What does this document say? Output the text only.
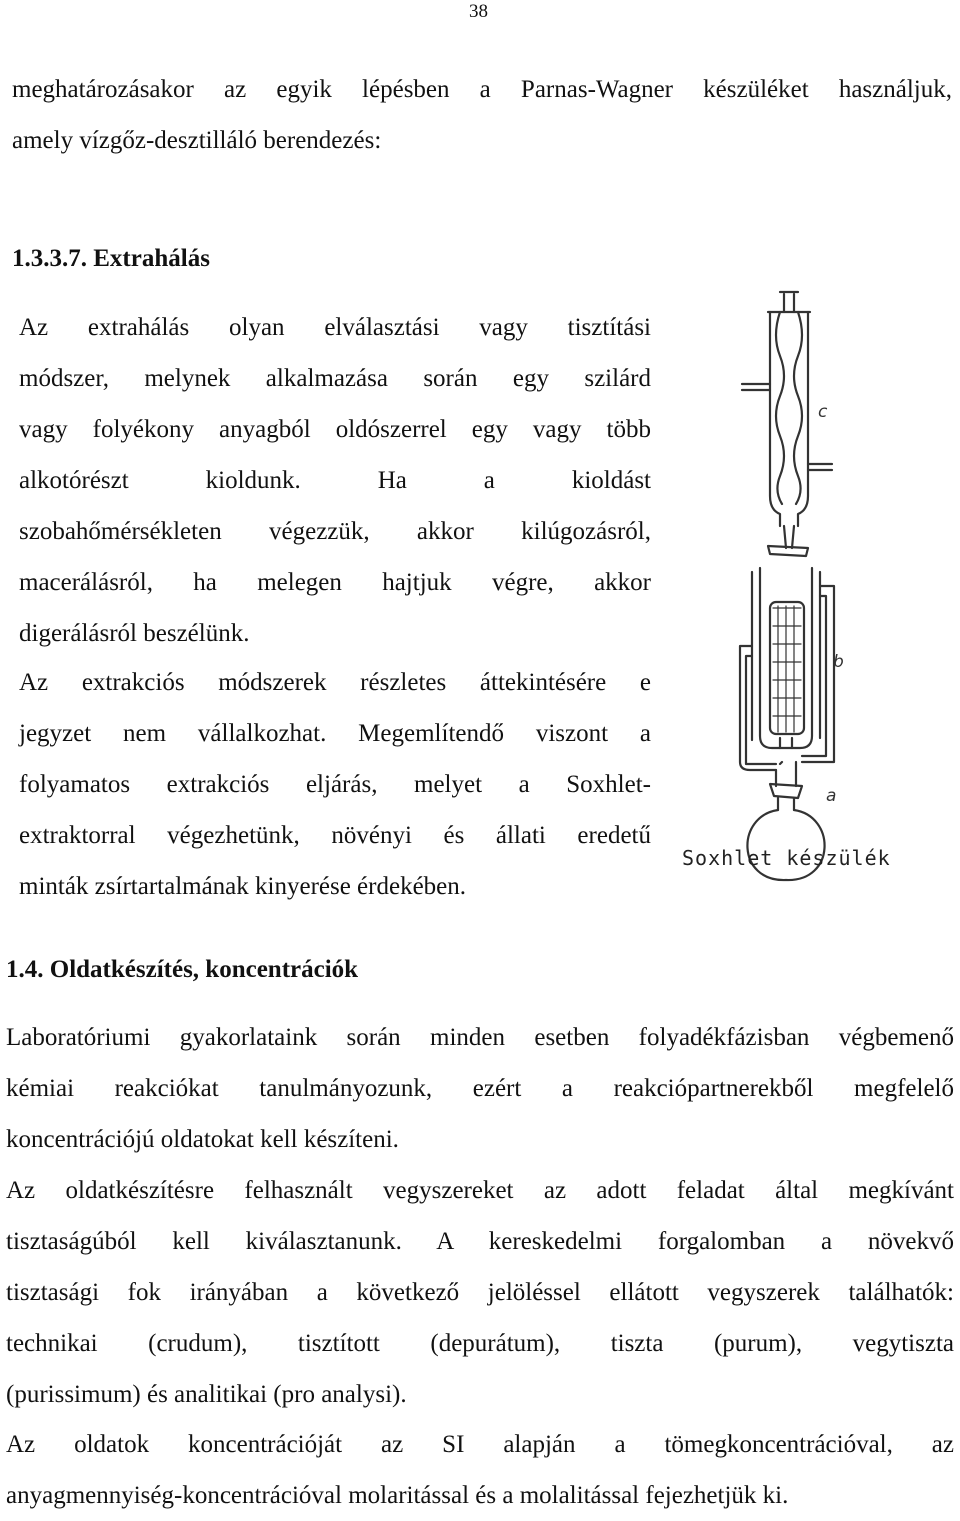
38
meghatározásakor az egyik lépésben a Parnas-Wagner készüléket használjuk,
amely vízgőz-desztilláló berendezés:
1.3.3.7. Extrahálás
Az extrahálás olyan elválasztási vagy tisztítási
módszer, melynek alkalmazása során egy szilárd
vagy folyékony anyagból oldószerrel egy vagy több
alkotórészt kioldunk. Ha a kioldást
szobahőmérsékleten végezzük, akkor kilúgozásról,
macerálásról, ha melegen hajtjuk végre, akkor
digerálásról beszélünk.
Az extrakciós módszerek részletes áttekintésére e
jegyzet nem vállalkozhat. Megemlítendő viszont a
folyamatos extrakciós eljárás, melyet a Soxhlet-
extraktorral végezhetünk, növényi és állati eredetű
minták zsírtartalmának kinyerése érdekében.
c
b
a
Soxhlet készülék
1.4. Oldatkészítés, koncentrációk
Laboratóriumi gyakorlataink során minden esetben folyadékfázisban végbemenő
kémiai reakciókat tanulmányozunk, ezért a reakciópartnerekből megfelelő
koncentrációjú oldatokat kell készíteni.
Az oldatkészítésre felhasznált vegyszereket az adott feladat által megkívánt
tisztaságúból kell kiválasztanunk. A kereskedelmi forgalomban a növekvő
tisztasági fok irányában a következő jelöléssel ellátott vegyszerek találhatók:
technikai (crudum), tisztított (depurátum), tiszta (purum), vegytiszta
(purissimum) és analitikai (pro analysi).
Az oldatok koncentrációját az SI alapján a tömegkoncentrációval, az
anyagmennyiség-koncentrációval molaritással és a molalitással fejezhetjük ki.
